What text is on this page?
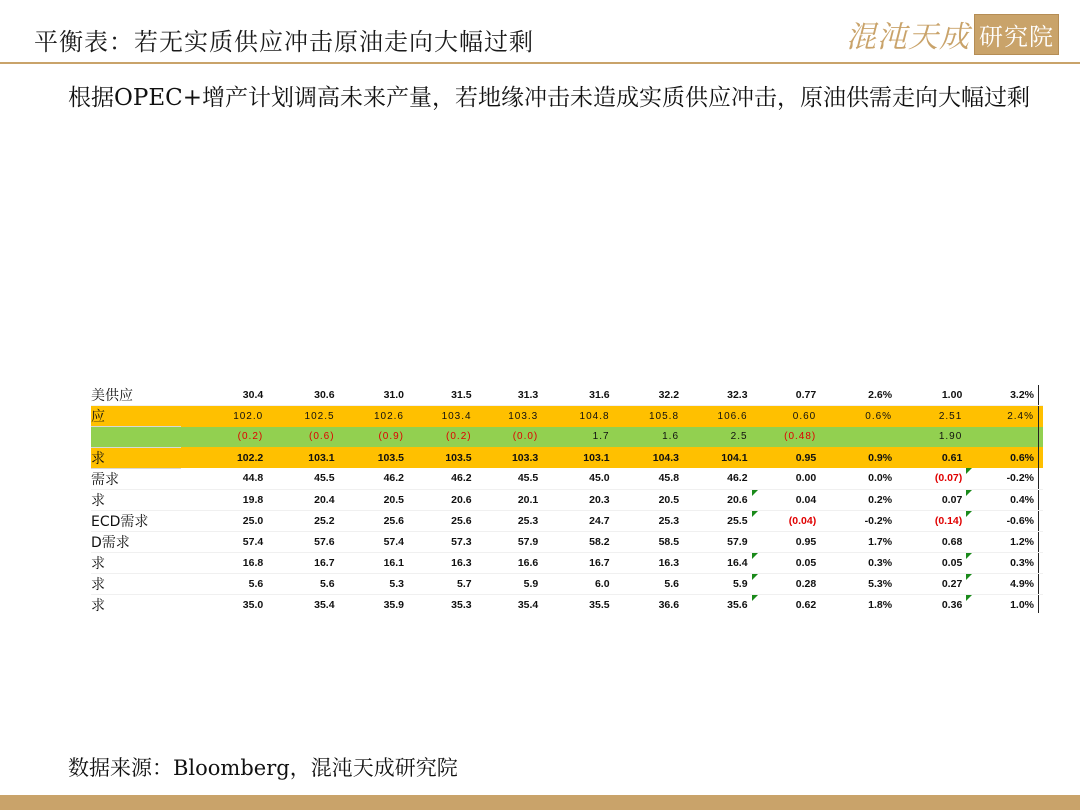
平衡表：若无实质供应冲击原油走向大幅过剩	混沌天成 研究院
根据OPEC+增产计划调高未来产量，若地缘冲击未造成实质供应冲击，原油供需走向大幅过剩
美供应	30.4	30.6	31.0	31.5	31.3	31.6	32.2	32.3	0.77	2.6%	1.00	3.2%	
应	102.0	102.5	102.6	103.4	103.3	104.8	105.8	106.6	0.60	0.6%	2.51	2.4%	
	(0.2)	(0.6)	(0.9)	(0.2)	(0.0)	1.7	1.6	2.5	(0.48)		1.90		
求	102.2	103.1	103.5	103.5	103.3	103.1	104.3	104.1	0.95	0.9%	0.61	0.6%	
需求	44.8	45.5	46.2	46.2	45.5	45.0	45.8	46.2	0.00	0.0%	(0.07)	-0.2%

求	19.8	20.4	20.5	20.6	20.1	20.3	20.5	20.6	0.04	0.2%	0.07	0.4%

ECD需求	25.0	25.2	25.6	25.6	25.3	24.7	25.3	25.5	(0.04)	-0.2%	(0.14)	-0.6%

D需求	57.4	57.6	57.4	57.3	57.9	58.2	58.5	57.9	0.95	1.7%	0.68	1.2%	
求	16.8	16.7	16.1	16.3	16.6	16.7	16.3	16.4	0.05	0.3%	0.05	0.3%

求	5.6	5.6	5.3	5.7	5.9	6.0	5.6	5.9	0.28	5.3%	0.27	4.9%

求	35.0	35.4	35.9	35.3	35.4	35.5	36.6	35.6	0.62	1.8%	0.36	1.0%

数据来源：Bloomberg，混沌天成研究院
